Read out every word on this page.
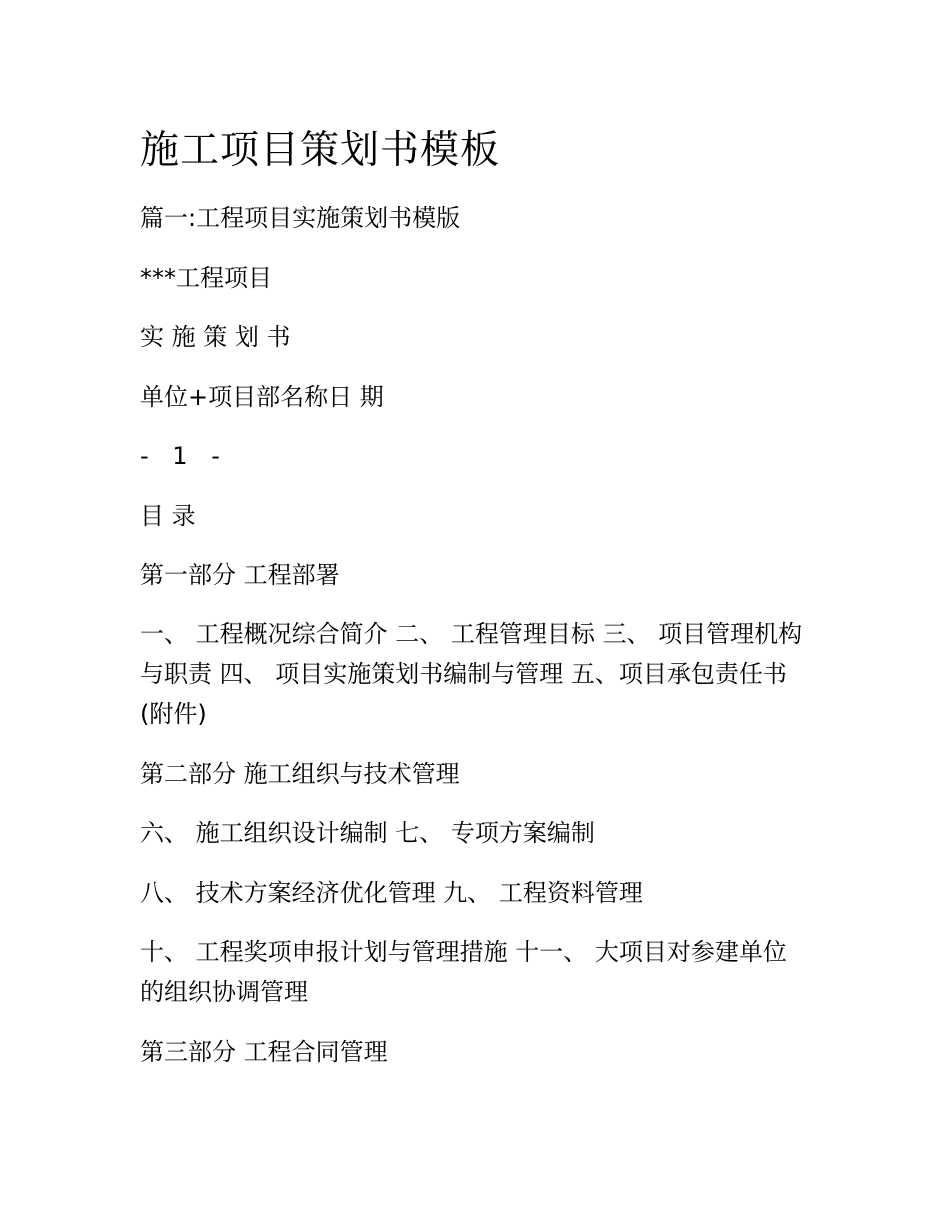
施工项目策划书模板

篇一:工程项目实施策划书模版

***工程项目

实 施 策 划 书

单位+项目部名称日 期

- 1 -

目 录

第一部分 工程部署

一、 工程概况综合简介 二、 工程管理目标 三、 项目管理机构与职责 四、 项目实施策划书编制与管理 五、项目承包责任书(附件)

第二部分 施工组织与技术管理

六、 施工组织设计编制 七、 专项方案编制

八、 技术方案经济优化管理 九、 工程资料管理

十、 工程奖项申报计划与管理措施 十一、 大项目对参建单位的组织协调管理

第三部分 工程合同管理
